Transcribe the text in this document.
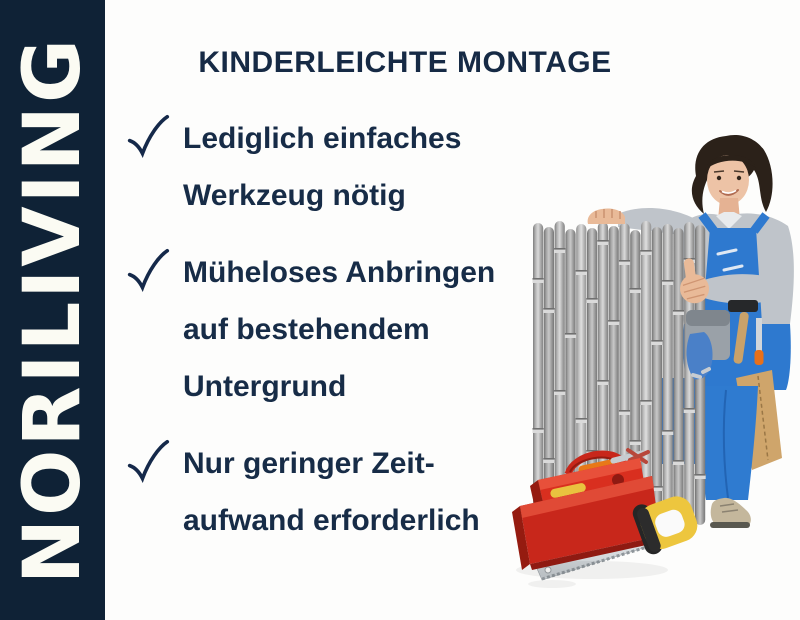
NORILIVING	KINDERLEICHTE MONTAGE
Lediglich einfaches
Werkzeug nötig
Müheloses Anbringen
auf bestehendem
Untergrund
Nur geringer Zeit-
aufwand erforderlich
